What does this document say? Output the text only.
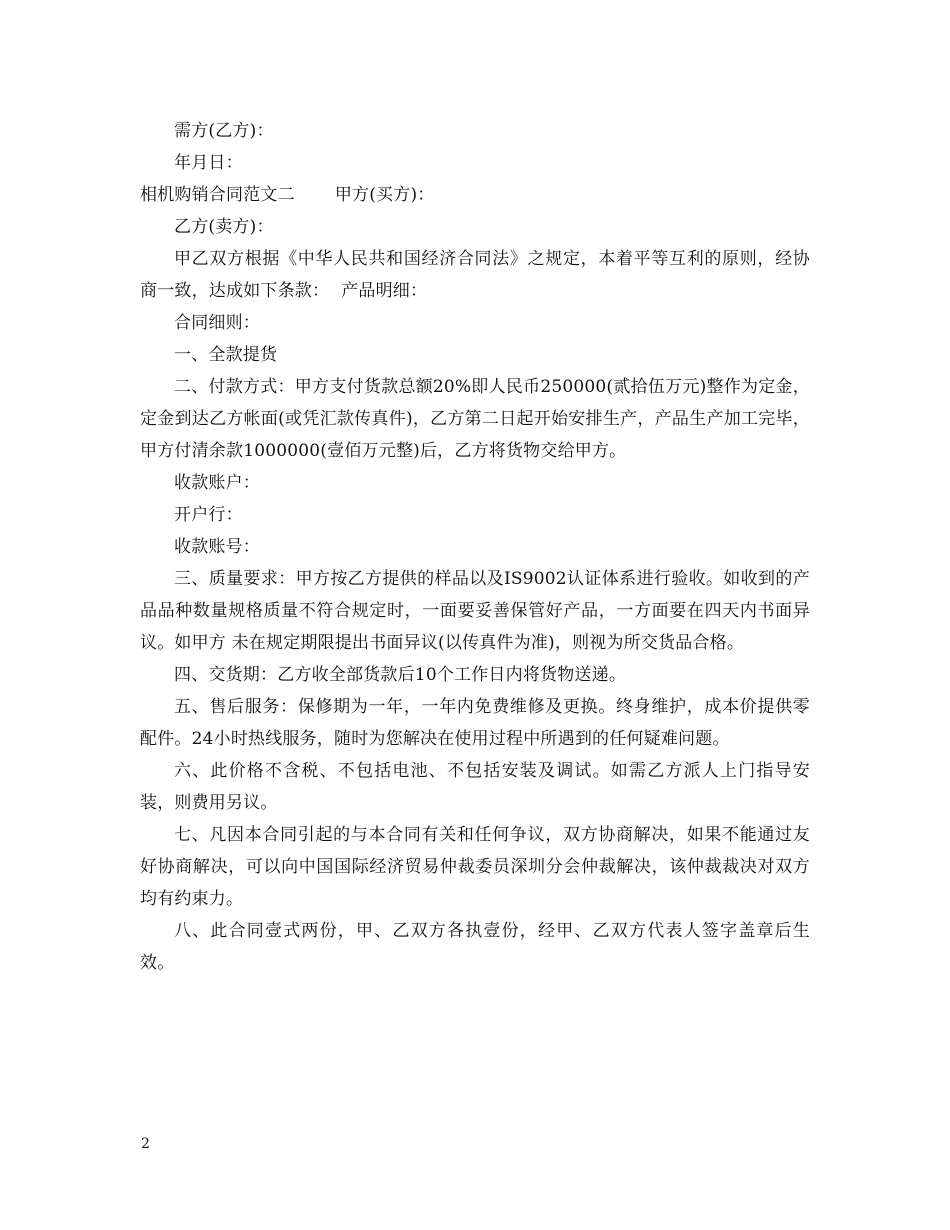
需方(乙方)：

年月日：

相机购销合同范文二 甲方(买方)：

乙方(卖方)：

甲乙双方根据《中华人民共和国经济合同法》之规定，本着平等互利的原则，经协商一致，达成如下条款： 产品明细：

合同细则：

一、全款提货

二、付款方式：甲方支付货款总额20%即人民币250000(贰拾伍万元)整作为定金，定金到达乙方帐面(或凭汇款传真件)，乙方第二日起开始安排生产，产品生产加工完毕，甲方付清余款1000000(壹佰万元整)后，乙方将货物交给甲方。

收款账户：

开户行：

收款账号：

三、质量要求：甲方按乙方提供的样品以及IS9002认证体系进行验收。如收到的产品品种数量规格质量不符合规定时，一面要妥善保管好产品，一方面要在四天内书面异议。如甲方 未在规定期限提出书面异议(以传真件为准)，则视为所交货品合格。

四、交货期：乙方收全部货款后10个工作日内将货物送递。

五、售后服务：保修期为一年，一年内免费维修及更换。终身维护，成本价提供零配件。24小时热线服务，随时为您解决在使用过程中所遇到的任何疑难问题。

六、此价格不含税、不包括电池、不包括安装及调试。如需乙方派人上门指导安装，则费用另议。

七、凡因本合同引起的与本合同有关和任何争议，双方协商解决，如果不能通过友好协商解决，可以向中国国际经济贸易仲裁委员深圳分会仲裁解决，该仲裁裁决对双方均有约束力。

八、此合同壹式两份，甲、乙双方各执壹份，经甲、乙双方代表人签字盖章后生效。

2
